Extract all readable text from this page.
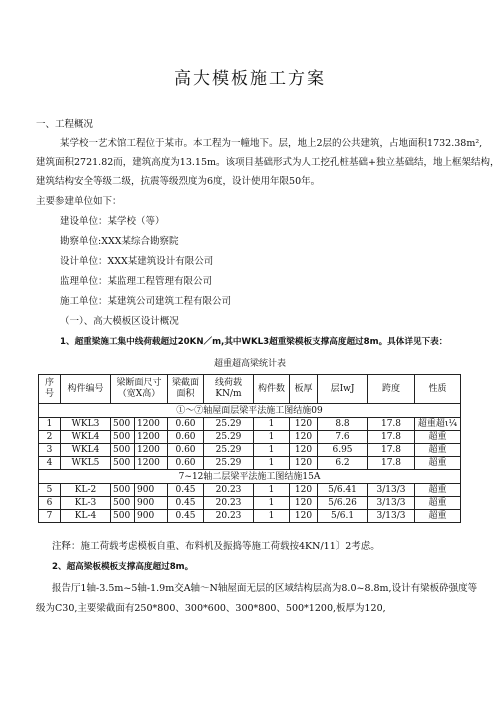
高大模板施工方案
一、工程概况
某学校一艺术馆工程位于某市。本工程为一幢地下。层，地上2层的公共建筑，占地面积1732.38m²,
建筑面积2721.82而，建筑高度为13.15m。该项目基础形式为人工挖孔桩基础+独立基础结，地上框架结构，
建筑结构安全等级二级，抗震等级烈度为6度，设计使用年限50年。
主要参建单位如下：
建设单位：某学校（等）
勘察单位:XXX某综合勘察院
设计单位：XXX某建筑设计有限公司
监理单位：某监理工程管理有限公司
施工单位：某建筑公司建筑工程有限公司
（一）、高大模板区设计概况
1、超重梁施工集中线荷载超过20KN／m,其中WKL3超重梁模板支撑高度超过8m。具体详见下表：
超重超高梁统计表
序号	构件编号	梁断面尺寸（宽X高）		梁截面面积	线荷载KN/m	构件数	板厚	层IwJ	跨度	性质
①～⑦轴屋面层梁平法施工图结施09										
1	WKL3	500	1200	0.60	25.29	1	120	8.8	17.8	超重超ι¼
2	WKL4	500	1200	0.60	25.29	1	120	7.6	17.8	超重
3	WKL4	500	1200	0.60	25.29	1	120	6.95	17.8	超重
4	WKL5	500	1200	0.60	25.29	1	120	6.2	17.8	超重
7~12轴二层梁平法施工图结施15A										
5	KL-2	500	900	0.45	20.23	1	120	5/6.41	3/13/3	超重
6	KL-3	500	900	0.45	20.23	1	120	5/6.26	3/13/3	超重
7	KL-4	500	900	0.45	20.23	1	120	5/6.1	3/13/3	超重
注释：施工荷载考虑模板自重、布料机及振捣等施工荷载按4KN/11〕2考虑。
2、超高梁板模板支撑高度超过8m。
报告厅1轴-3.5m~5轴-1.9m交A轴～N轴屋面无层的区域结构层高为8.0~8.8m,设计有梁板砕强度等
级为C30,主要梁截面有250*800、300*600、300*800、500*1200,板厚为120,
